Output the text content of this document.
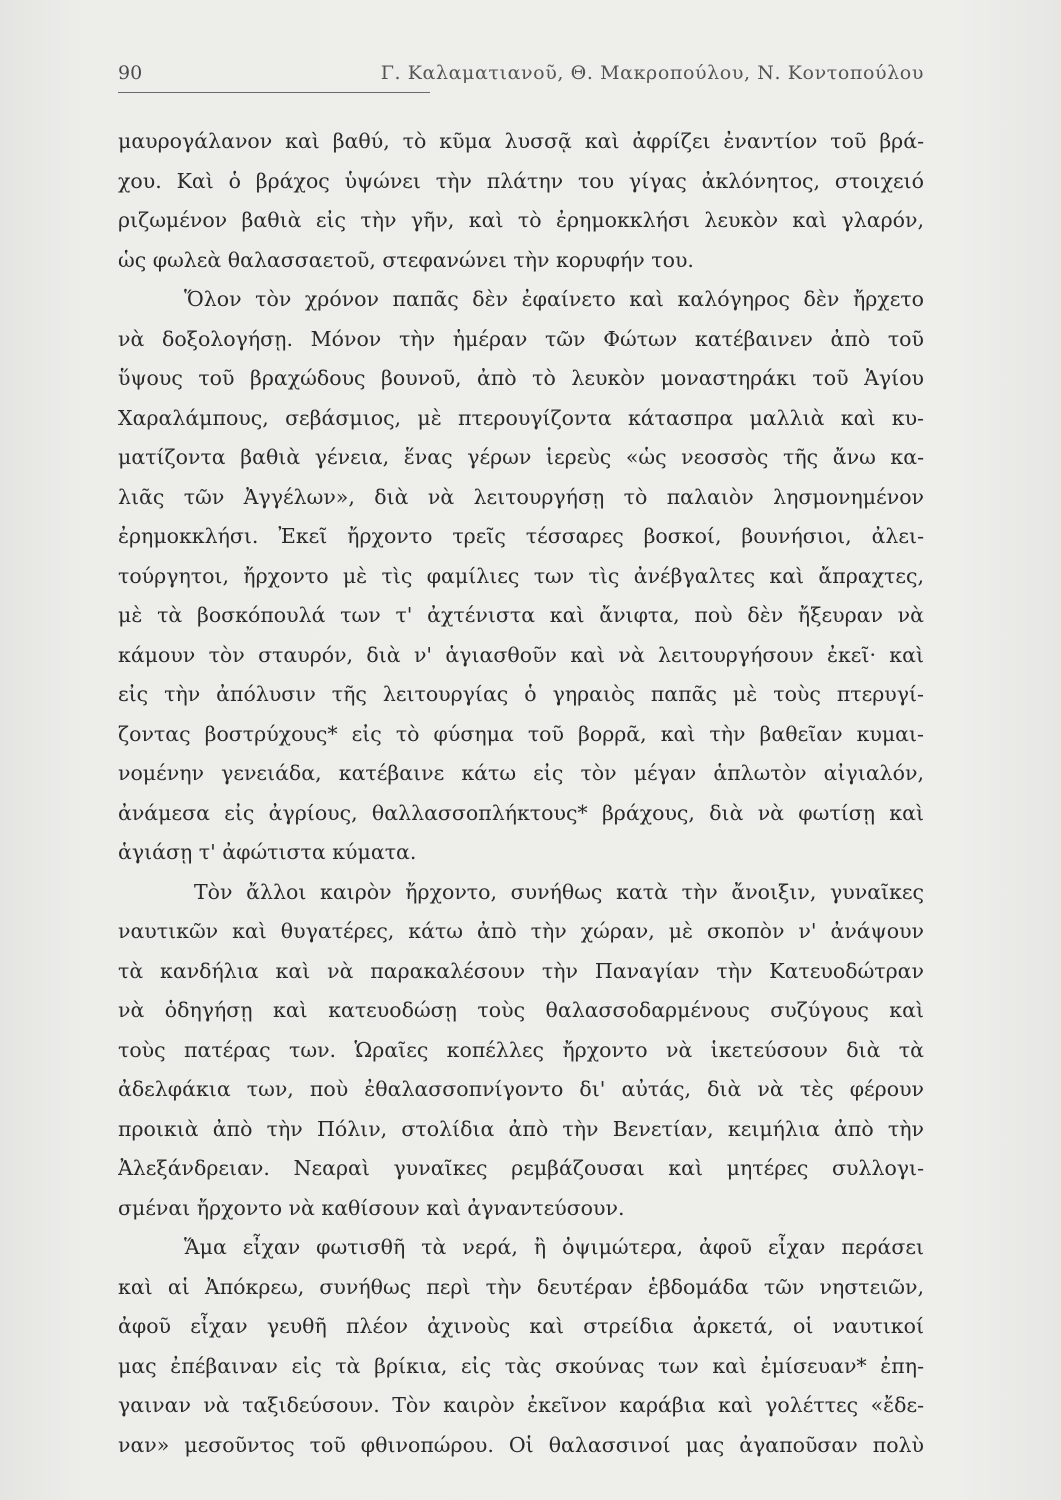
90	Γ. Καλαματιανοῦ, Θ. Μακροπούλου, Ν. Κοντοπούλου
μαυρογάλανον καὶ βαθύ, τὸ κῦμα λυσσᾷ καὶ ἀφρίζει ἐναντίον τοῦ βρά-
χου. Καὶ ὁ βράχος ὑψώνει τὴν πλάτην του γίγας ἀκλόνητος, στοιχειό
ριζωμένον βαθιὰ εἰς τὴν γῆν, καὶ τὸ ἐρημοκκλήσι λευκὸν καὶ γλαρόν,
ὡς φωλεὰ θαλασσαετοῦ, στεφανώνει τὴν κορυφήν του.
Ὅλον τὸν χρόνον παπᾶς δὲν ἐφαίνετο καὶ καλόγηρος δὲν ἤρχετο
νὰ δοξολογήσῃ. Μόνον τὴν ἡμέραν τῶν Φώτων κατέβαινεν ἀπὸ τοῦ
ὕψους τοῦ βραχώδους βουνοῦ, ἀπὸ τὸ λευκὸν μοναστηράκι τοῦ Ἁγίου
Χαραλάμπους, σεβάσμιος, μὲ πτερουγίζοντα κάτασπρα μαλλιὰ καὶ κυ-
ματίζοντα βαθιὰ γένεια, ἕνας γέρων ἱερεὺς «ὡς νεοσσὸς τῆς ἄνω κα-
λιᾶς τῶν Ἀγγέλων», διὰ νὰ λειτουργήσῃ τὸ παλαιὸν λησμονημένον
ἐρημοκκλήσι. Ἐκεῖ ἤρχοντο τρεῖς τέσσαρες βοσκοί, βουνήσιοι, ἀλει-
τούργητοι, ἤρχοντο μὲ τὶς φαμίλιες των τὶς ἀνέβγαλτες καὶ ἄπραχτες,
μὲ τὰ βοσκόπουλά των τ' ἀχτένιστα καὶ ἄνιφτα, ποὺ δὲν ἤξευραν νὰ
κάμουν τὸν σταυρόν, διὰ ν' ἁγιασθοῦν καὶ νὰ λειτουργήσουν ἐκεῖ· καὶ
εἰς τὴν ἀπόλυσιν τῆς λειτουργίας ὁ γηραιὸς παπᾶς μὲ τοὺς πτερυγί-
ζοντας βοστρύχους* εἰς τὸ φύσημα τοῦ βορρᾶ, καὶ τὴν βαθεῖαν κυμαι-
νομένην γενειάδα, κατέβαινε κάτω εἰς τὸν μέγαν ἁπλωτὸν αἰγιαλόν,
ἀνάμεσα εἰς ἀγρίους, θαλλασσοπλήκτους* βράχους, διὰ νὰ φωτίσῃ καὶ
ἁγιάσῃ τ' ἀφώτιστα κύματα.
Τὸν ἄλλοι καιρὸν ἤρχοντο, συνήθως κατὰ τὴν ἄνοιξιν, γυναῖκες
ναυτικῶν καὶ θυγατέρες, κάτω ἀπὸ τὴν χώραν, μὲ σκοπὸν ν' ἀνάψουν
τὰ κανδήλια καὶ νὰ παρακαλέσουν τὴν Παναγίαν τὴν Κατευοδώτραν
νὰ ὁδηγήσῃ καὶ κατευοδώσῃ τοὺς θαλασσοδαρμένους συζύγους καὶ
τοὺς πατέρας των. Ὡραῖες κοπέλλες ἤρχοντο νὰ ἱκετεύσουν διὰ τὰ
ἀδελφάκια των, ποὺ ἐθαλασσοπνίγοντο δι' αὐτάς, διὰ νὰ τὲς φέρουν
προικιὰ ἀπὸ τὴν Πόλιν, στολίδια ἀπὸ τὴν Βενετίαν, κειμήλια ἀπὸ τὴν
Ἀλεξάνδρειαν. Νεαραὶ γυναῖκες ρεμβάζουσαι καὶ μητέρες συλλογι-
σμέναι ἤρχοντο νὰ καθίσουν καὶ ἀγναντεύσουν.
Ἅμα εἶχαν φωτισθῆ τὰ νερά, ἢ ὀψιμώτερα, ἀφοῦ εἶχαν περάσει
καὶ αἱ Ἀπόκρεω, συνήθως περὶ τὴν δευτέραν ἑβδομάδα τῶν νηστειῶν,
ἀφοῦ εἶχαν γευθῆ πλέον ἀχινοὺς καὶ στρείδια ἀρκετά, οἱ ναυτικοί
μας ἐπέβαιναν εἰς τὰ βρίκια, εἰς τὰς σκούνας των καὶ ἐμίσευαν* ἐπη-
γαιναν νὰ ταξιδεύσουν. Τὸν καιρὸν ἐκεῖνον καράβια καὶ γολέττες «ἔδε-
ναν» μεσοῦντος τοῦ φθινοπώρου. Οἱ θαλασσινοί μας ἀγαποῦσαν πολὺ
